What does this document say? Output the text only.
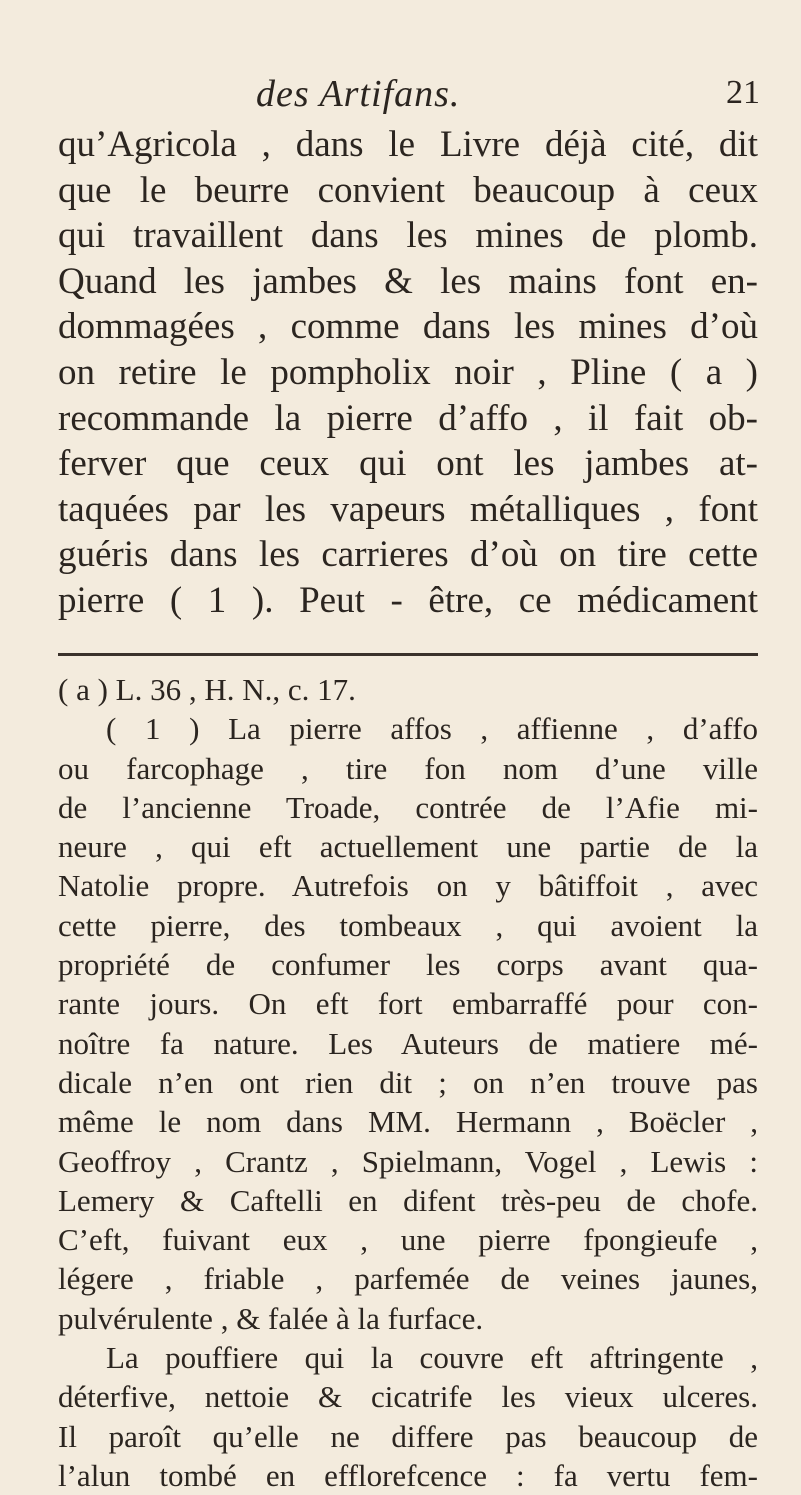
des Artifans.	21
qu’Agricola , dans le Livre déjà cité, dit
que le beurre convient beaucoup à ceux
qui travaillent dans les mines de plomb.
Quand les jambes & les mains font en-
dommagées , comme dans les mines d’où
on retire le pompholix noir , Pline ( a )
recommande la pierre d’affo , il fait ob-
ferver que ceux qui ont les jambes at-
taquées par les vapeurs métalliques , font
guéris dans les carrieres d’où on tire cette
pierre ( 1 ). Peut - être, ce médicament
( a ) L. 36 , H. N., c. 17.
( 1 ) La pierre affos , affienne , d’affo
ou farcophage , tire fon nom d’une ville
de l’ancienne Troade, contrée de l’Afie mi-
neure , qui eft actuellement une partie de la
Natolie propre. Autrefois on y bâtiffoit , avec
cette pierre, des tombeaux , qui avoient la
propriété de confumer les corps avant qua-
rante jours. On eft fort embarraffé pour con-
noître fa nature. Les Auteurs de matiere mé-
dicale n’en ont rien dit ; on n’en trouve pas
même le nom dans MM. Hermann , Boëcler ,
Geoffroy , Crantz , Spielmann, Vogel , Lewis :
Lemery & Caftelli en difent très-peu de chofe.
C’eft, fuivant eux , une pierre fpongieufe ,
légere , friable , parfemée de veines jaunes,
pulvérulente , & falée à la furface.
La pouffiere qui la couvre eft aftringente ,
déterfive, nettoie & cicatrife les vieux ulceres.
Il paroît qu’elle ne differe pas beaucoup de
l’alun tombé en efflorefcence : fa vertu fem-
